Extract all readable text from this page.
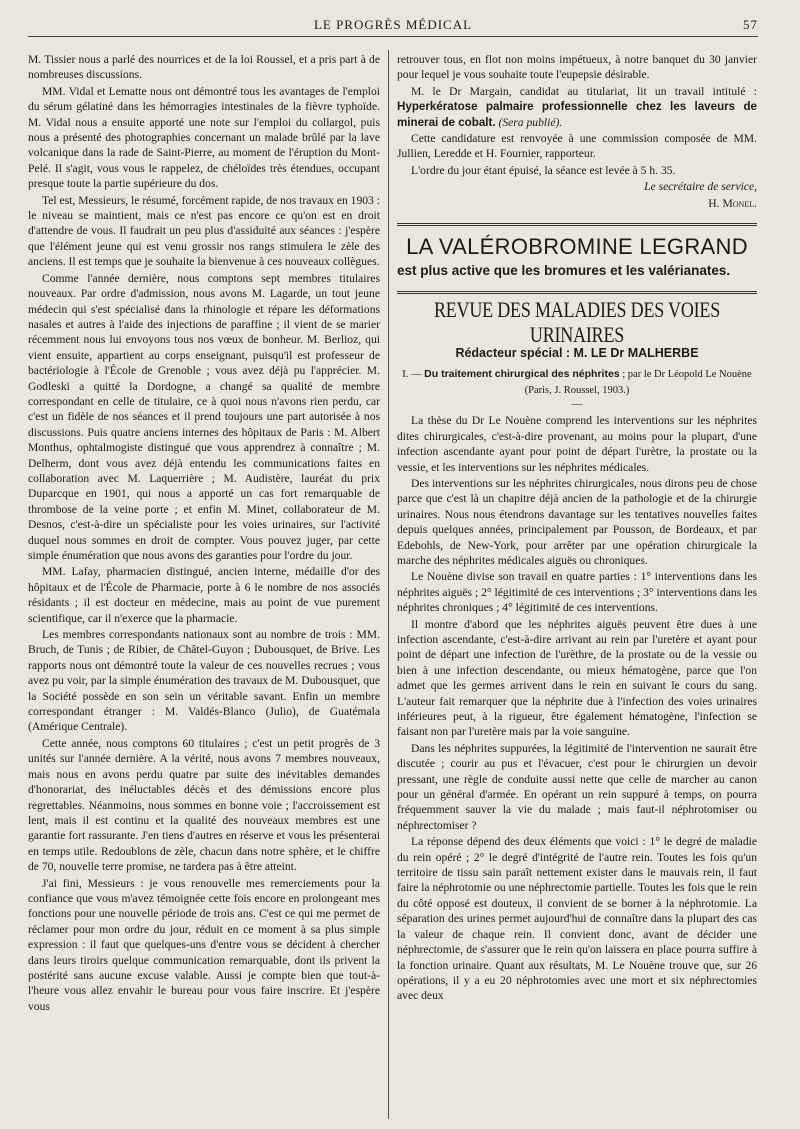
LE PROGRÈS MÉDICAL	57

M. Tissier nous a parlé des nourrices et de la loi Roussel, et a pris part à de nombreuses discussions.

MM. Vidal et Lematte nous ont démontré tous les avantages de l'emploi du sérum gélatiné dans les hémorragies intestinales de la fièvre typhoïde. M. Vidal nous a ensuite apporté une note sur l'emploi du collargol, puis nous a présenté des photographies concernant un malade brûlé par la lave volcanique dans la rade de Saint-Pierre, au moment de l'éruption du Mont-Pelé. Il s'agit, vous vous le rappelez, de chéloïdes très étendues, occupant presque toute la partie supérieure du dos.

Tel est, Messieurs, le résumé, forcément rapide, de nos travaux en 1903 : le niveau se maintient, mais ce n'est pas encore ce qu'on est en droit d'attendre de vous. Il faudrait un peu plus d'assiduité aux séances : j'espère que l'élément jeune qui est venu grossir nos rangs stimulera le zèle des anciens. Il est temps que je souhaite la bienvenue à ces nouveaux collègues.

Comme l'année dernière, nous comptons sept membres titulaires nouveaux. Par ordre d'admission, nous avons M. Lagarde, un tout jeune médecin qui s'est spécialisé dans la rhinologie et répare les déformations nasales et autres à l'aide des injections de paraffine ; il vient de se marier récemment nous lui envoyons tous nos vœux de bonheur. M. Berlioz, qui vient ensuite, appartient au corps enseignant, puisqu'il est professeur de bactériologie à l'École de Grenoble ; vous avez déjà pu l'apprécier. M. Godleski a quitté la Dordogne, a changé sa qualité de membre correspondant en celle de titulaire, ce à quoi nous n'avons rien perdu, car c'est un fidèle de nos séances et il prend toujours une part autorisée à nos discussions. Puis quatre anciens internes des hôpitaux de Paris : M. Albert Monthus, ophtalmogiste distingué que vous apprendrez à connaître ; M. Delherm, dont vous avez déjà entendu les communications faites en collaboration avec M. Laquerrière ; M. Audistère, lauréat du prix Duparcque en 1901, qui nous a apporté un cas fort remarquable de thrombose de la veine porte ; et enfin M. Minet, collaborateur de M. Desnos, c'est-à-dire un spécialiste pour les voies urinaires, sur l'activité duquel nous sommes en droit de compter. Vous pouvez juger, par cette simple énumération que nous avons des garanties pour l'ordre du jour.

MM. Lafay, pharmacien distingué, ancien interne, médaille d'or des hôpitaux et de l'École de Pharmacie, porte à 6 le nombre de nos associés résidants ; il est docteur en médecine, mais au point de vue purement scientifique, car il n'exerce que la pharmacie.

Les membres correspondants nationaux sont au nombre de trois : MM. Bruch, de Tunis ; de Ribier, de Châtel-Guyon ; Dubousquet, de Brive. Les rapports nous ont démontré toute la valeur de ces nouvelles recrues ; vous avez pu voir, par la simple énumération des travaux de M. Dubousquet, que la Société possède en son sein un véritable savant. Enfin un membre correspondant étranger : M. Valdés-Blanco (Julio), de Guatémala (Amérique Centrale).

Cette année, nous comptons 60 titulaires ; c'est un petit progrès de 3 unités sur l'année dernière. A la vérité, nous avons 7 membres nouveaux, mais nous en avons perdu quatre par suite des inévitables demandes d'honorariat, des inéluctables décès et des démissions encore plus regrettables. Néanmoins, nous sommes en bonne voie ; l'accroissement est lent, mais il est continu et la qualité des nouveaux membres est une garantie fort rassurante. J'en tiens d'autres en réserve et vous les présenterai en temps utile. Redoublons de zèle, chacun dans notre sphère, et le chiffre de 70, nouvelle terre promise, ne tardera pas à être atteint.

J'ai fini, Messieurs : je vous renouvelle mes remerciements pour la confiance que vous m'avez témoignée cette fois encore en prolongeant mes fonctions pour une nouvelle période de trois ans. C'est ce qui me permet de réclamer pour mon ordre du jour, réduit en ce moment à sa plus simple expression : il faut que quelques-uns d'entre vous se décident à chercher dans leurs tiroirs quelque communication remarquable, dont ils privent la postérité sans aucune excuse valable. Aussi je compte bien que tout-à-l'heure vous allez envahir le bureau pour vous faire inscrire. Et j'espère vous

retrouver tous, en flot non moins impétueux, à notre banquet du 30 janvier pour lequel je vous souhaite toute l'eupepsie désirable.

M. le Dr Margain, candidat au titulariat, lit un travail intitulé : Hyperkératose palmaire professionnelle chez les laveurs de minerai de cobalt. (Sera publié).

Cette candidature est renvoyée à une commission composée de MM. Jullien, Leredde et H. Fournier, rapporteur.

L'ordre du jour étant épuisé, la séance est levée à 5 h. 35.

Le secrétaire de service,

H. Monel.

LA VALÉROBROMINE LEGRAND
est plus active que les bromures et les valérianates.
REVUE DES MALADIES DES VOIES URINAIRES
Rédacteur spécial : M. LE Dr MALHERBE

I. — Du traitement chirurgical des néphrites ; par le Dr Léopold Le Nouène (Paris, J. Roussel, 1903.)

—

La thèse du Dr Le Nouène comprend les interventions sur les néphrites dites chirurgicales, c'est-à-dire provenant, au moins pour la plupart, d'une infection ascendante ayant pour point de départ l'urètre, la prostate ou la vessie, et les interventions sur les néphrites médicales.

Des interventions sur les néphrites chirurgicales, nous dirons peu de chose parce que c'est là un chapitre déjà ancien de la pathologie et de la chirurgie urinaires. Nous nous étendrons davantage sur les tentatives nouvelles faites depuis quelques années, principalement par Pousson, de Bordeaux, et par Edebohls, de New-York, pour arrêter par une opération chirurgicale la marche des néphrites médicales aiguës ou chroniques.

Le Nouène divise son travail en quatre parties : 1° interventions dans les néphrites aiguës ; 2° légitimité de ces interventions ; 3° interventions dans les néphrites chroniques ; 4° légitimité de ces interventions.

Il montre d'abord que les néphrites aiguës peuvent être dues à une infection ascendante, c'est-à-dire arrivant au rein par l'uretère et ayant pour point de départ une infection de l'urèthre, de la prostate ou de la vessie ou bien à une infection descendante, ou mieux hématogène, parce que l'on admet que les germes arrivent dans le rein en suivant le cours du sang. L'auteur fait remarquer que la néphrite due à l'infection des voies urinaires inférieures peut, à la rigueur, être également hématogène, l'infection se faisant non par l'uretère mais par la voie sanguine.

Dans les néphrites suppurées, la légitimité de l'intervention ne saurait être discutée ; courir au pus et l'évacuer, c'est pour le chirurgien un devoir pressant, une règle de conduite aussi nette que celle de marcher au canon pour un général d'armée. En opérant un rein suppuré à temps, on pourra fréquemment sauver la vie du malade ; mais faut-il néphrotomiser ou néphrectomiser ?

La réponse dépend des deux éléments que voici : 1° le degré de maladie du rein opéré ; 2° le degré d'intégrité de l'autre rein. Toutes les fois qu'un territoire de tissu sain paraît nettement exister dans le mauvais rein, il faut faire la néphrotomie ou une néphrectomie partielle. Toutes les fois que le rein du côté opposé est douteux, il convient de se borner à la néphrotomie. La séparation des urines permet aujourd'hui de connaître dans la plupart des cas la valeur de chaque rein. Il convient donc, avant de décider une néphrectomie, de s'assurer que le rein qu'on laissera en place pourra suffire à la fonction urinaire. Quant aux résultats, M. Le Nouène trouve que, sur 26 opérations, il y a eu 20 néphrotomies avec une mort et six néphrectomies avec deux
